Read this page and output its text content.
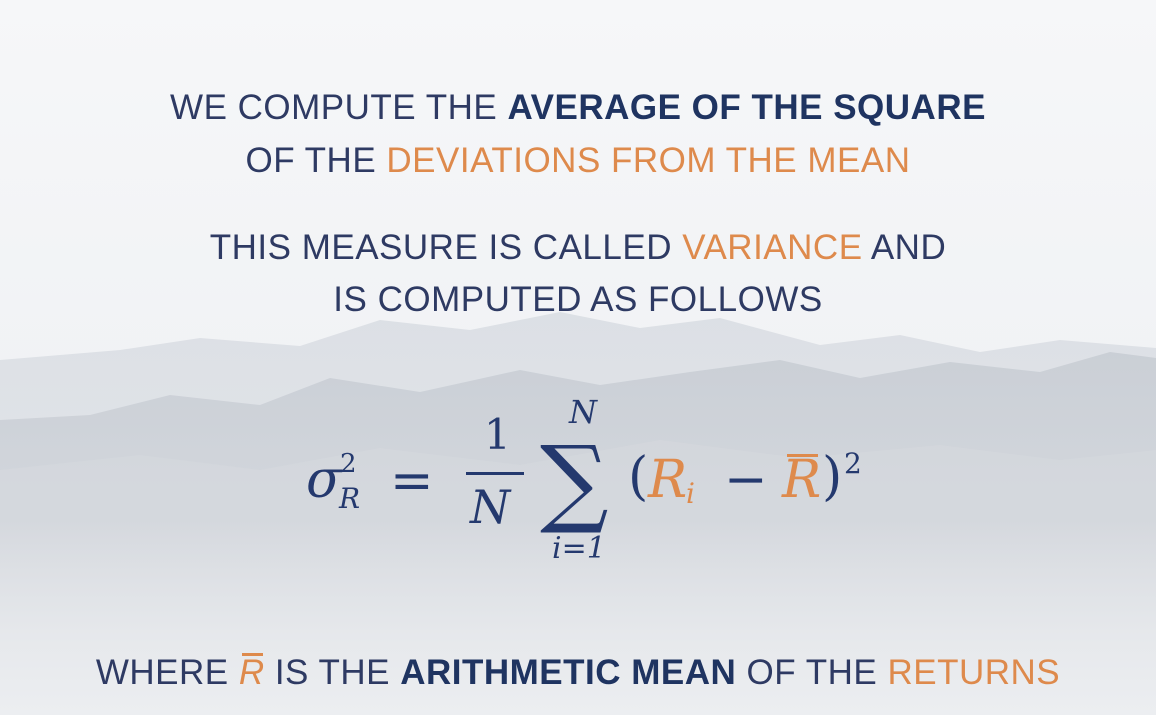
WE COMPUTE THE AVERAGE OF THE SQUARE
OF THE DEVIATIONS FROM THE MEAN
THIS MEASURE IS CALLED VARIANCE AND
IS COMPUTED AS FOLLOWS
σ
2
R =
1
N ∑
N
i=1
( R
i − R ) 2
WHERE R IS THE ARITHMETIC MEAN OF THE RETURNS
